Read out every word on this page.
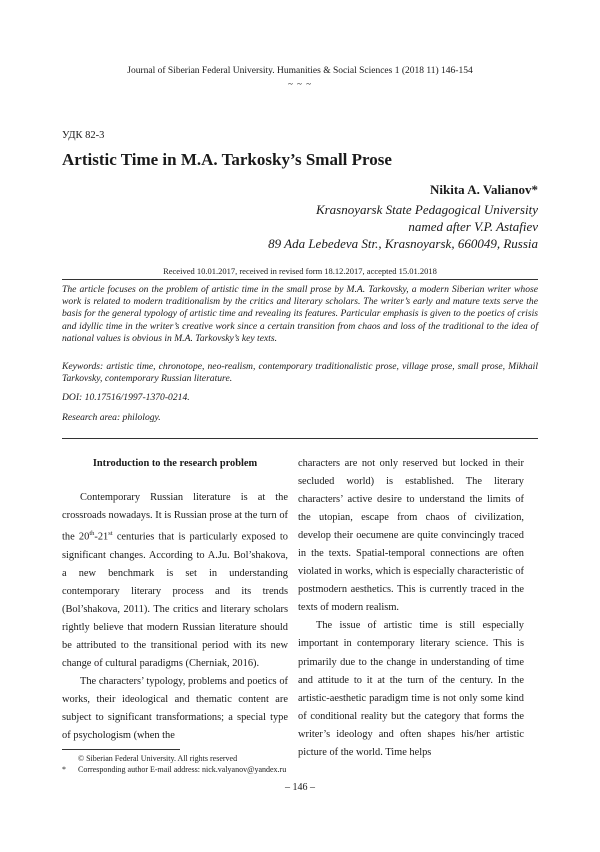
Journal of Siberian Federal University. Humanities & Social Sciences 1 (2018 11) 146-154
~ ~ ~
УДК 82-3
Artistic Time in M.A. Tarkosky’s Small Prose
Nikita A. Valianov*
Krasnoyarsk State Pedagogical University
named after V.P. Astafiev
89 Ada Lebedeva Str., Krasnoyarsk, 660049, Russia
Received 10.01.2017, received in revised form 18.12.2017, accepted 15.01.2018
The article focuses on the problem of artistic time in the small prose by M.A. Tarkovsky, a modern Siberian writer whose work is related to modern traditionalism by the critics and literary scholars. The writer’s early and mature texts serve the basis for the general typology of artistic time and revealing its features. Particular emphasis is given to the poetics of crisis and idyllic time in the writer’s creative work since a certain transition from chaos and loss of the traditional to the idea of national values is obvious in M.A. Tarkovsky’s key texts.
Keywords: artistic time, chronotope, neo-realism, contemporary traditionalistic prose, village prose, small prose, Mikhail Tarkovsky, contemporary Russian literature.
DOI: 10.17516/1997-1370-0214.
Research area: philology.
Introduction to the research problem

Contemporary Russian literature is at the crossroads nowadays. It is Russian prose at the turn of the 20th-21st centuries that is particularly exposed to significant changes. According to A.Ju. Bol’shakova, a new benchmark is set in understanding contemporary literary process and its trends (Bol’shakova, 2011). The critics and literary scholars rightly believe that modern Russian literature should be attributed to the transitional period with its new change of cultural paradigms (Cherniak, 2016).

The characters’ typology, problems and poetics of works, their ideological and thematic content are subject to significant transformations; a special type of psychologism (when the

characters are not only reserved but locked in their secluded world) is established. The literary characters’ active desire to understand the limits of the utopian, escape from chaos of civilization, develop their oecumene are quite convincingly traced in the texts. Spatial-temporal connections are often violated in works, which is especially characteristic of postmodern aesthetics. This is currently traced in the texts of modern realism.

The issue of artistic time is still especially important in contemporary literary science. This is primarily due to the change in understanding of time and attitude to it at the turn of the century. In the artistic-aesthetic paradigm time is not only some kind of conditional reality but the category that forms the writer’s ideology and often shapes his/her artistic picture of the world. Time helps

© Siberian Federal University. All rights reserved
* Corresponding author E-mail address: nick.valyanov@yandex.ru
– 146 –
